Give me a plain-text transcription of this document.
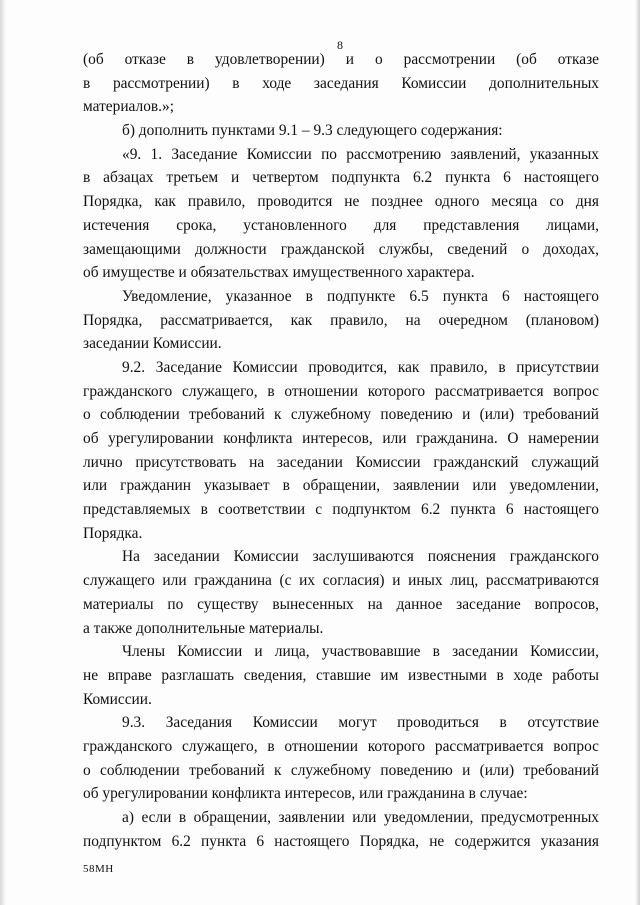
8
(об отказе в удовлетворении) и о рассмотрении (об отказе
в рассмотрении) в ходе заседания Комиссии дополнительных
материалов.»;
б) дополнить пунктами 9.1 – 9.3 следующего содержания:
«9. 1. Заседание Комиссии по рассмотрению заявлений, указанных
в абзацах третьем и четвертом подпункта 6.2 пункта 6 настоящего
Порядка, как правило, проводится не позднее одного месяца со дня
истечения срока, установленного для представления лицами,
замещающими должности гражданской службы, сведений о доходах,
об имуществе и обязательствах имущественного характера.
Уведомление, указанное в подпункте 6.5 пункта 6 настоящего
Порядка, рассматривается, как правило, на очередном (плановом)
заседании Комиссии.
9.2. Заседание Комиссии проводится, как правило, в присутствии
гражданского служащего, в отношении которого рассматривается вопрос
о соблюдении требований к служебному поведению и (или) требований
об урегулировании конфликта интересов, или гражданина. О намерении
лично присутствовать на заседании Комиссии гражданский служащий
или гражданин указывает в обращении, заявлении или уведомлении,
представляемых в соответствии с подпунктом 6.2 пункта 6 настоящего
Порядка.
На заседании Комиссии заслушиваются пояснения гражданского
служащего или гражданина (с их согласия) и иных лиц, рассматриваются
материалы по существу вынесенных на данное заседание вопросов,
а также дополнительные материалы.
Члены Комиссии и лица, участвовавшие в заседании Комиссии,
не вправе разглашать сведения, ставшие им известными в ходе работы
Комиссии.
9.3. Заседания Комиссии могут проводиться в отсутствие
гражданского служащего, в отношении которого рассматривается вопрос
о соблюдении требований к служебному поведению и (или) требований
об урегулировании конфликта интересов, или гражданина в случае:
а) если в обращении, заявлении или уведомлении, предусмотренных
подпунктом 6.2 пункта 6 настоящего Порядка, не содержится указания
58МН
